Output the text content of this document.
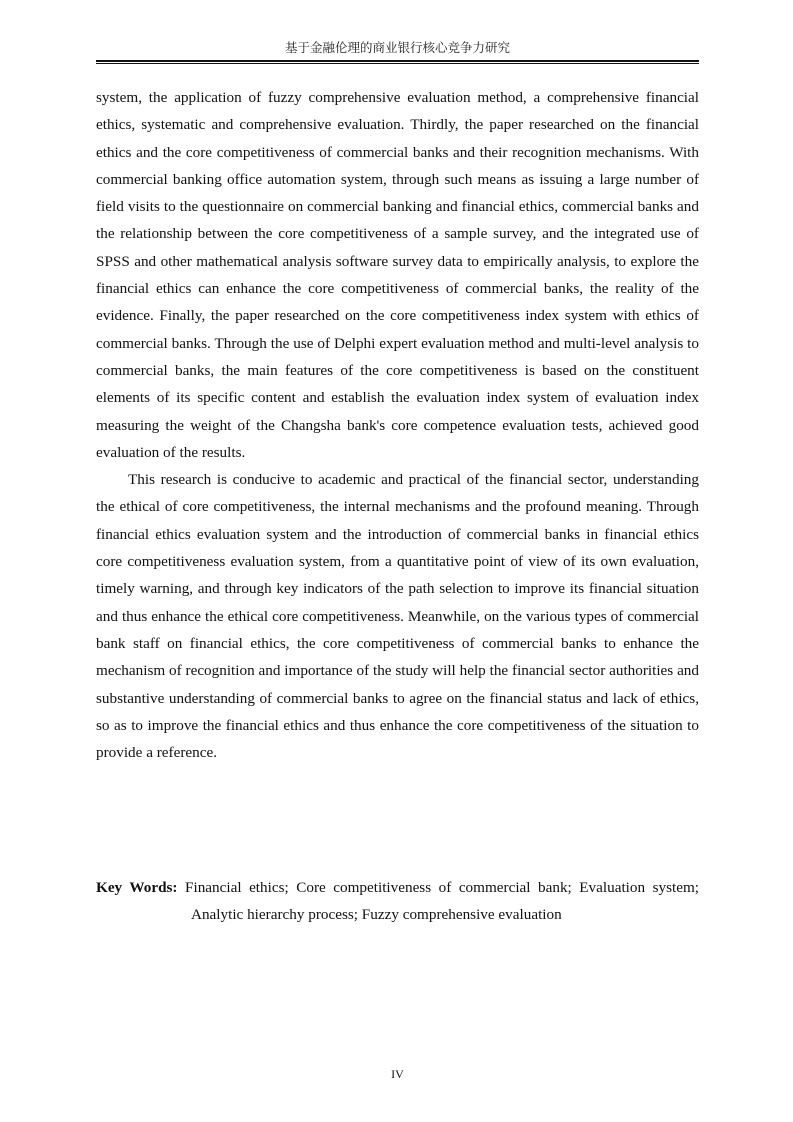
基于金融伦理的商业银行核心竞争力研究

system, the application of fuzzy comprehensive evaluation method, a comprehensive financial ethics, systematic and comprehensive evaluation. Thirdly, the paper researched on the financial ethics and the core competitiveness of commercial banks and their recognition mechanisms. With commercial banking office automation system, through such means as issuing a large number of field visits to the questionnaire on commercial banking and financial ethics, commercial banks and the relationship between the core competitiveness of a sample survey, and the integrated use of SPSS and other mathematical analysis software survey data to empirically analysis, to explore the financial ethics can enhance the core competitiveness of commercial banks, the reality of the evidence. Finally, the paper researched on the core competitiveness index system with ethics of commercial banks. Through the use of Delphi expert evaluation method and multi-level analysis to commercial banks, the main features of the core competitiveness is based on the constituent elements of its specific content and establish the evaluation index system of evaluation index measuring the weight of the Changsha bank's core competence evaluation tests, achieved good evaluation of the results.

This research is conducive to academic and practical of the financial sector, understanding the ethical of core competitiveness, the internal mechanisms and the profound meaning. Through financial ethics evaluation system and the introduction of commercial banks in financial ethics core competitiveness evaluation system, from a quantitative point of view of its own evaluation, timely warning, and through key indicators of the path selection to improve its financial situation and thus enhance the ethical core competitiveness. Meanwhile, on the various types of commercial bank staff on financial ethics, the core competitiveness of commercial banks to enhance the mechanism of recognition and importance of the study will help the financial sector authorities and substantive understanding of commercial banks to agree on the financial status and lack of ethics, so as to improve the financial ethics and thus enhance the core competitiveness of the situation to provide a reference.

Key Words: Financial ethics; Core competitiveness of commercial bank; Evaluation system; Analytic hierarchy process; Fuzzy comprehensive evaluation
IV
